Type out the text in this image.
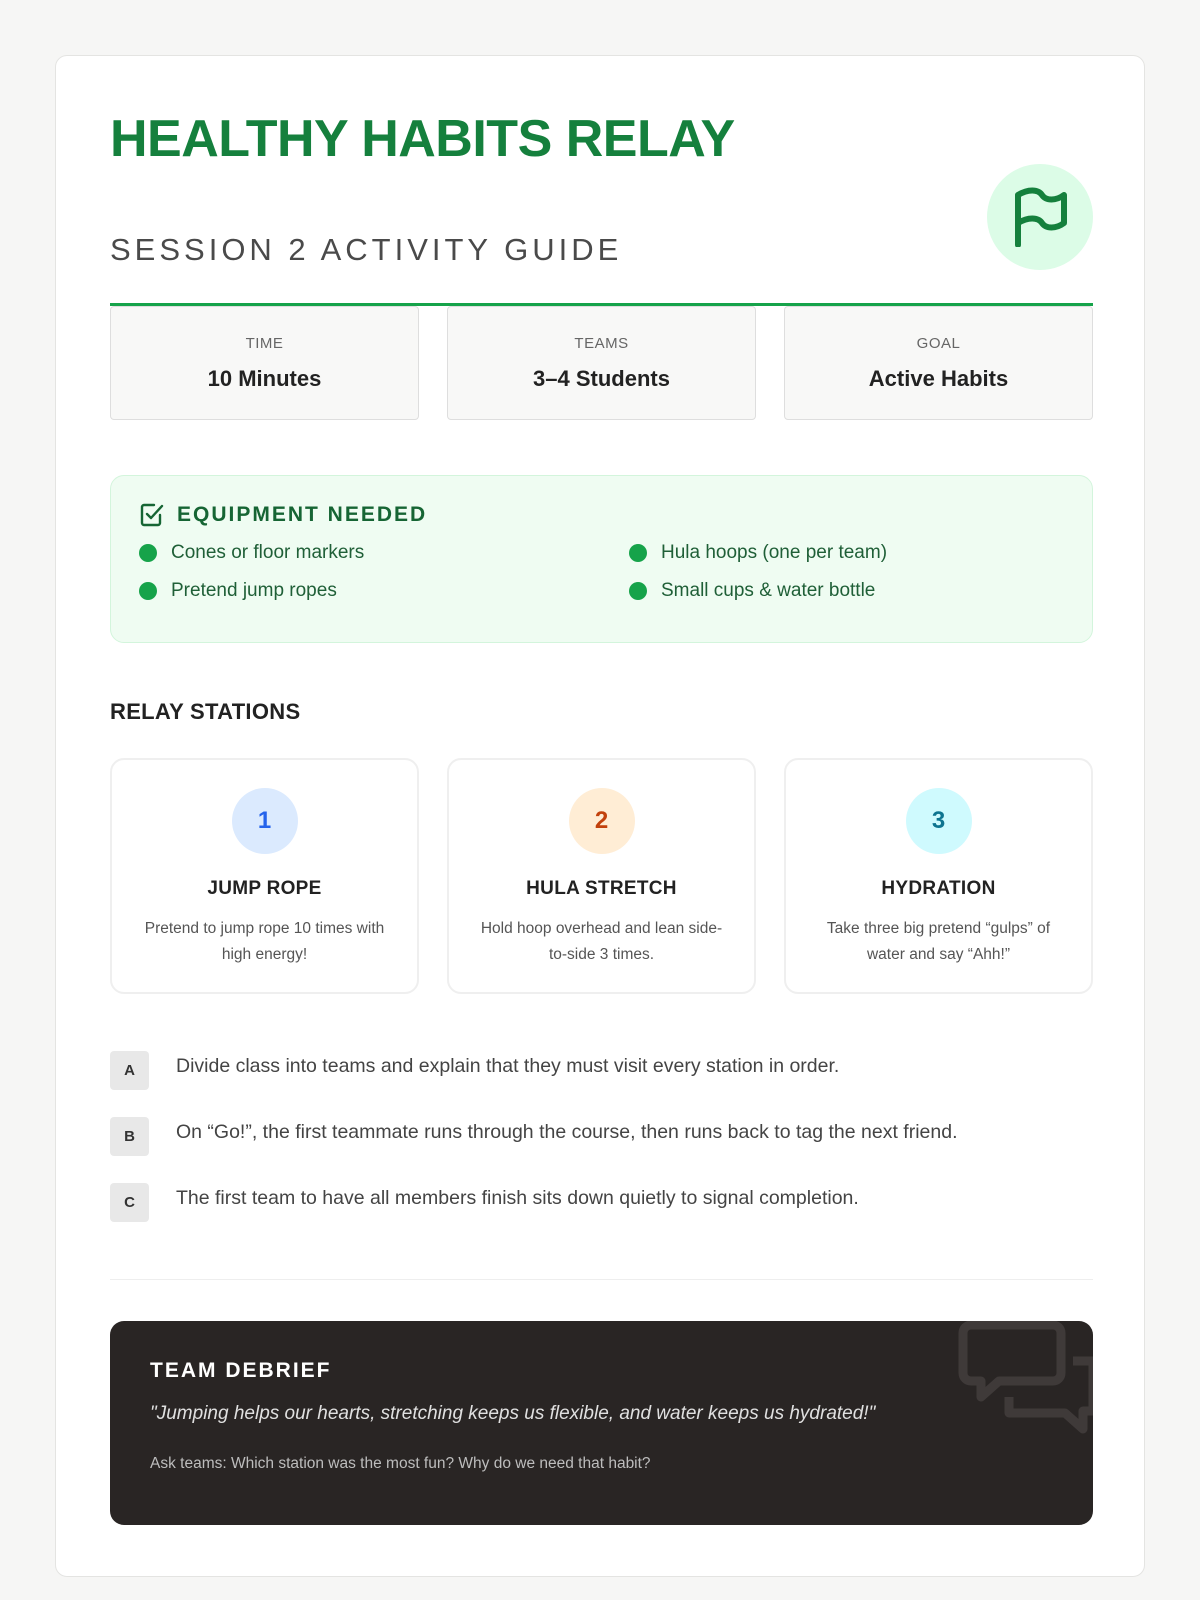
HEALTHY HABITS RELAY
SESSION 2 ACTIVITY GUIDE
TIME
10 Minutes
TEAMS
3–4 Students
GOAL
Active Habits
EQUIPMENT NEEDED
Cones or floor markers	Hula hoops (one per team)
Pretend jump ropes	Small cups & water bottle
RELAY STATIONS
1
JUMP ROPE
Pretend to jump rope 10 times with high energy!
2
HULA STRETCH
Hold hoop overhead and lean side-to-side 3 times.
3
HYDRATION
Take three big pretend “gulps” of water and say “Ahh!”
A	Divide class into teams and explain that they must visit every station in order.
B	On “Go!”, the first teammate runs through the course, then runs back to tag the next friend.
C	The first team to have all members finish sits down quietly to signal completion.
TEAM DEBRIEF
"Jumping helps our hearts, stretching keeps us flexible, and water keeps us hydrated!"
Ask teams: Which station was the most fun? Why do we need that habit?
